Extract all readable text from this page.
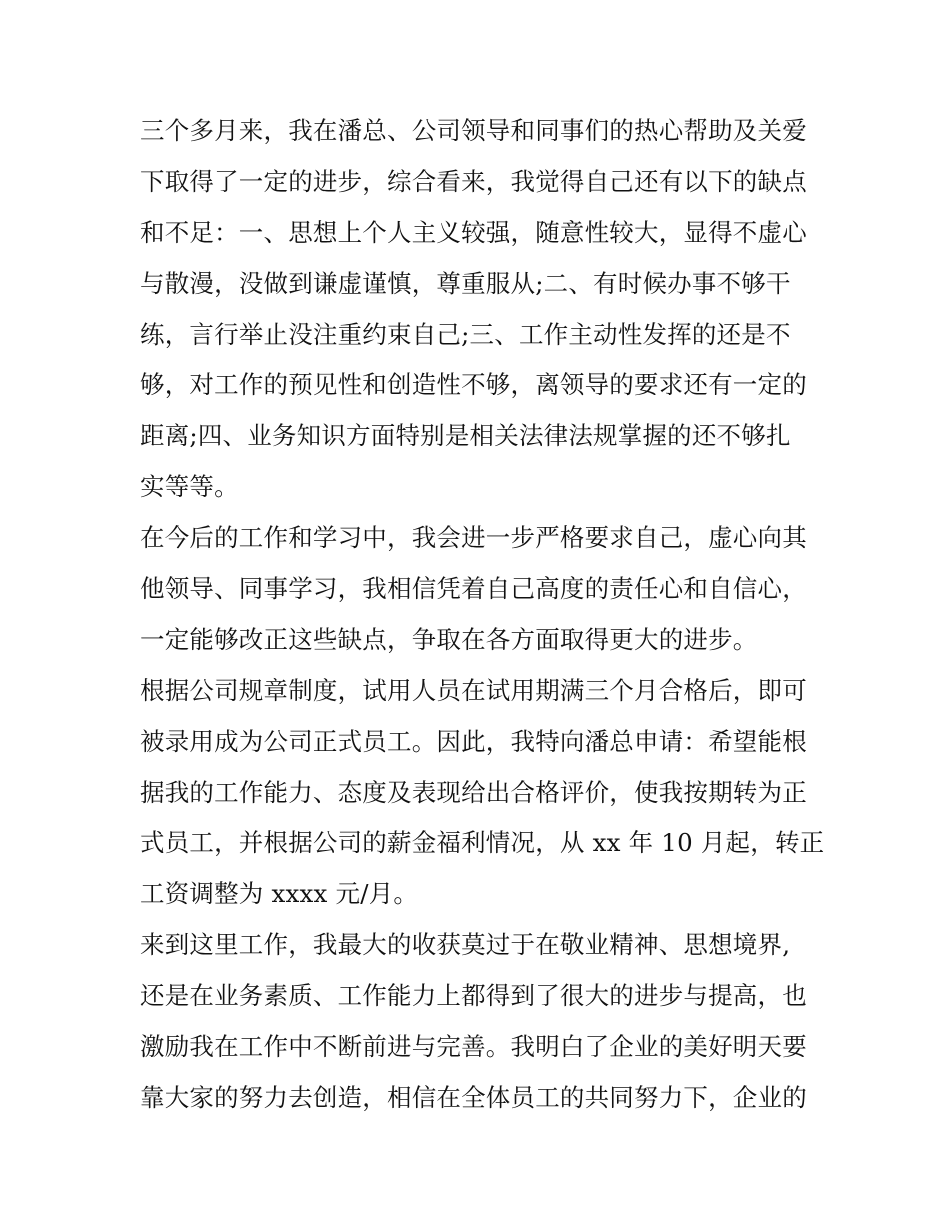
三个多月来，我在潘总、公司领导和同事们的热心帮助及关爱
下取得了一定的进步，综合看来，我觉得自己还有以下的缺点
和不足：一、思想上个人主义较强，随意性较大，显得不虚心
与散漫，没做到谦虚谨慎，尊重服从;二、有时候办事不够干
练，言行举止没注重约束自己;三、工作主动性发挥的还是不
够，对工作的预见性和创造性不够，离领导的要求还有一定的
距离;四、业务知识方面特别是相关法律法规掌握的还不够扎
实等等。
在今后的工作和学习中，我会进一步严格要求自己，虚心向其
他领导、同事学习，我相信凭着自己高度的责任心和自信心，
一定能够改正这些缺点，争取在各方面取得更大的进步。
根据公司规章制度，试用人员在试用期满三个月合格后，即可
被录用成为公司正式员工。因此，我特向潘总申请：希望能根
据我的工作能力、态度及表现给出合格评价，使我按期转为正
式员工，并根据公司的薪金福利情况，从 xx 年 10 月起，转正
工资调整为 xxxx 元/月。
来到这里工作，我最大的收获莫过于在敬业精神、思想境界,
还是在业务素质、工作能力上都得到了很大的进步与提高，也
激励我在工作中不断前进与完善。我明白了企业的美好明天要
靠大家的努力去创造，相信在全体员工的共同努力下，企业的
